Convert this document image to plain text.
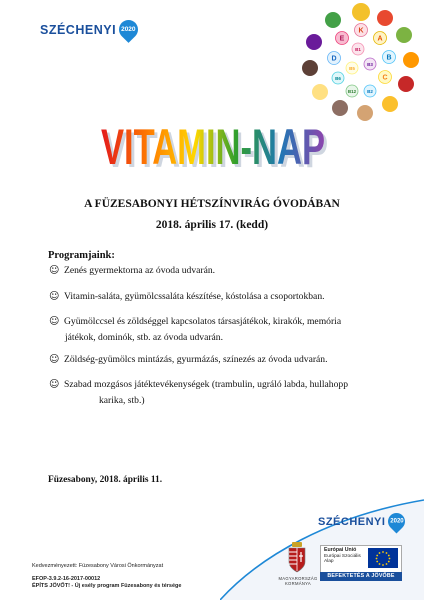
SZÉCHENYI 2020	K
A
B
C
E
D
B6
B12 B2
B1
B3
B5
VITAMIN-NAP
VITAMIN-NAP
A FÜZESABONYI HÉTSZÍNVIRÁG ÓVODÁBAN
2018. április 17. (kedd)
Programjaink:
☺ Zenés gyermektorna az óvoda udvarán.
☺ Vitamin-saláta, gyümölcssaláta készítése, kóstolása a csoportokban.
☺ Gyümölccsel és zöldséggel kapcsolatos társasjátékok, kirakók, memória
játékok, dominók, stb. az óvoda udvarán.
☺ Zöldség-gyümölcs mintázás, gyurmázás, színezés az óvoda udvarán.
☺ Szabad mozgásos játéktevékenységek (trambulin, ugráló labda, hullahopp
karika, stb.)
Füzesabony, 2018. április 11.
SZÉCHENYI 2020
MAGYARORSZÁG KORMÁNYA
Európai Unió
Európai Szociális
Alap
BEFEKTETÉS A JÖVŐBE
Kedvezményezett: Füzesabony Városi Önkormányzat
EFOP-3.9.2-16-2017-00012
ÉPÍTS JÖVŐT! - Új esély program Füzesabony és térsége
